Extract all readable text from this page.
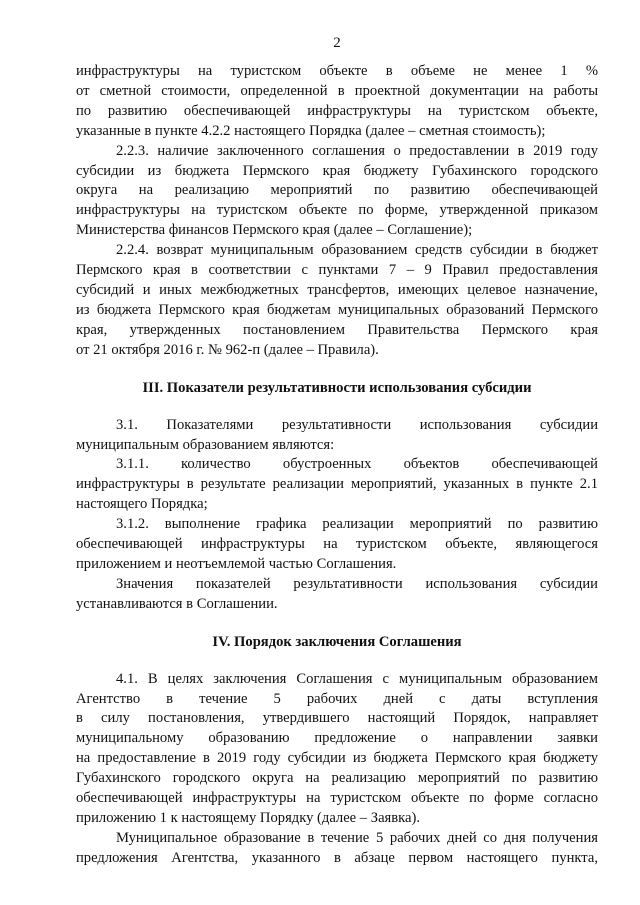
2

инфраструктуры на туристском объекте в объеме не менее 1 %

от сметной стоимости, определенной в проектной документации на работы

по развитию обеспечивающей инфраструктуры на туристском объекте,

указанные в пункте 4.2.2 настоящего Порядка (далее – сметная стоимость);

2.2.3. наличие заключенного соглашения о предоставлении в 2019 году

субсидии из бюджета Пермского края бюджету Губахинского городского

округа на реализацию мероприятий по развитию обеспечивающей

инфраструктуры на туристском объекте по форме, утвержденной приказом

Министерства финансов Пермского края (далее – Соглашение);

2.2.4. возврат муниципальным образованием средств субсидии в бюджет

Пермского края в соответствии с пунктами 7 – 9 Правил предоставления

субсидий и иных межбюджетных трансфертов, имеющих целевое назначение,

из бюджета Пермского края бюджетам муниципальных образований Пермского

края, утвержденных постановлением Правительства Пермского края

от 21 октября 2016 г. № 962-п (далее – Правила).

III. Показатели результативности использования субсидии

3.1. Показателями результативности использования субсидии

муниципальным образованием являются:

3.1.1. количество обустроенных объектов обеспечивающей

инфраструктуры в результате реализации мероприятий, указанных в пункте 2.1

настоящего Порядка;

3.1.2. выполнение графика реализации мероприятий по развитию

обеспечивающей инфраструктуры на туристском объекте, являющегося

приложением и неотъемлемой частью Соглашения.

Значения показателей результативности использования субсидии

устанавливаются в Соглашении.

IV. Порядок заключения Соглашения

4.1. В целях заключения Соглашения с муниципальным образованием

Агентство в течение 5 рабочих дней с даты вступления

в силу постановления, утвердившего настоящий Порядок, направляет

муниципальному образованию предложение о направлении заявки

на предоставление в 2019 году субсидии из бюджета Пермского края бюджету

Губахинского городского округа на реализацию мероприятий по развитию

обеспечивающей инфраструктуры на туристском объекте по форме согласно

приложению 1 к настоящему Порядку (далее – Заявка).

Муниципальное образование в течение 5 рабочих дней со дня получения

предложения Агентства, указанного в абзаце первом настоящего пункта,
